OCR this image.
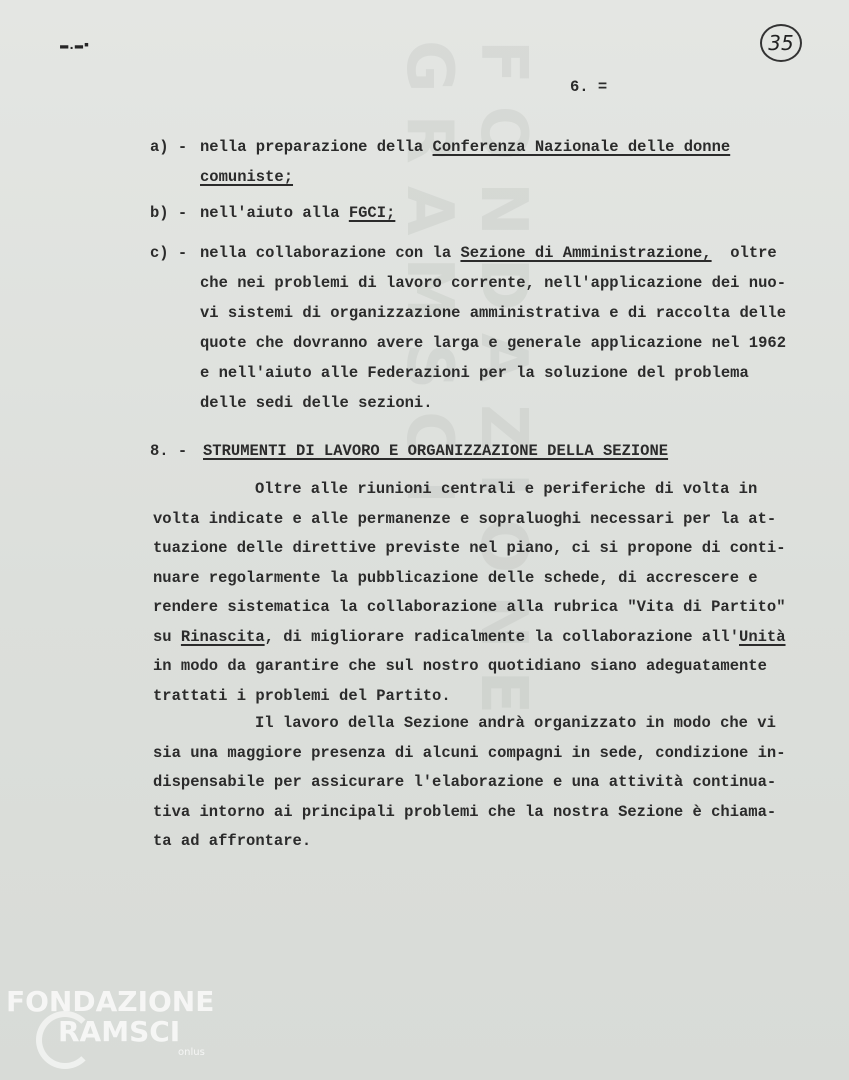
FONDAZIONE GRAMSCI
▬.▬▪
6. =
35
a) - nella preparazione della Conferenza Nazionale delle donne
comuniste;
b) - nell'aiuto alla FGCI;
c) - nella collaborazione con la Sezione di Amministrazione,  oltre
che nei problemi di lavoro corrente, nell'applicazione dei nuo-
vi sistemi di organizzazione amministrativa e di raccolta delle
quote che dovranno avere larga e generale applicazione nel 1962
e nell'aiuto alle Federazioni per la soluzione del problema
delle sedi delle sezioni.
8. - STRUMENTI DI LAVORO E ORGANIZZAZIONE DELLA SEZIONE
Oltre alle riunioni centrali e periferiche di volta in
volta indicate e alle permanenze e sopraluoghi necessari per la at-
tuazione delle direttive previste nel piano, ci si propone di conti-
nuare regolarmente la pubblicazione delle schede, di accrescere e
rendere sistematica la collaborazione alla rubrica "Vita di Partito"
su Rinascita, di migliorare radicalmente la collaborazione all'Unità
in modo da garantire che sul nostro quotidiano siano adeguatamente
trattati i problemi del Partito.
Il lavoro della Sezione andrà organizzato in modo che vi
sia una maggiore presenza di alcuni compagni in sede, condizione in-
dispensabile per assicurare l'elaborazione e una attività continua-
tiva intorno ai principali problemi che la nostra Sezione è chiama-
ta ad affrontare.
FONDAZIONE
RAMSCI
onlus
